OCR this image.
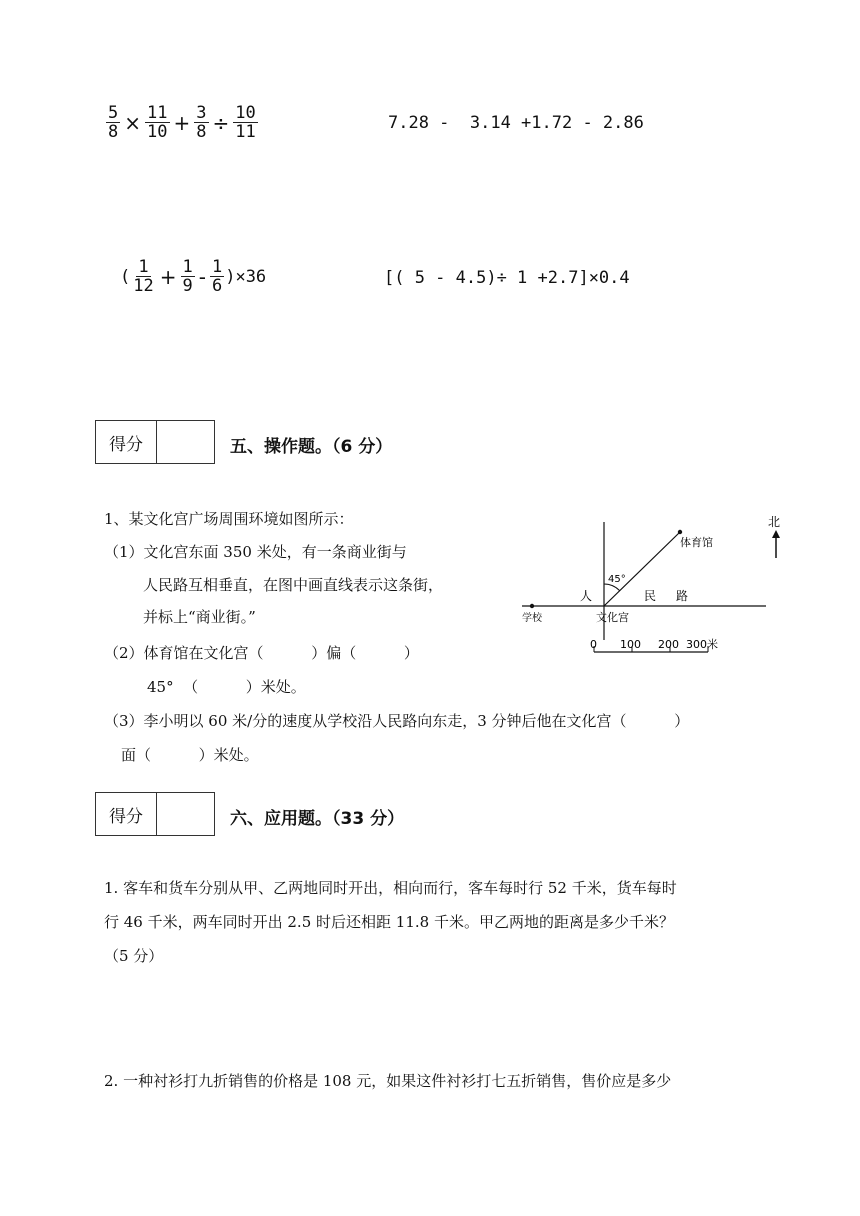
$\frac{5}{8} \times \frac{11}{10} + \frac{3}{8} \div \frac{10}{11}$	7.28 -  3.14 +1.72 - 2.86
( $\frac{1}{12} + \frac{1}{9} - \frac{1}{6} )\times 36$	[( 5 - 4.5)÷ 1 +2.7]×0.4
得分	五、操作题。（6 分）
1、某文化宫广场周围环境如图所示：
（1）文化宫东面 350 米处，有一条商业街与
人民路互相垂直，在图中画直线表示这条街，
并标上“商业街。”
（2）体育馆在文化宫（          ）偏（          ）
45°  （          ）米处。
（3）李小明以 60 米/分的速度从学校沿人民路向东走，3 分钟后他在文化宫（          ）
面（          ）米处。
北
体育馆
45°
人	民 路
学校	文化宫
0 100 200 300米
得分	六、应用题。（33 分）
1. 客车和货车分别从甲、乙两地同时开出，相向而行，客车每时行 52 千米，货车每时
行 46 千米，两车同时开出 2.5 时后还相距 11.8 千米。甲乙两地的距离是多少千米？
（5 分）
2. 一种衬衫打九折销售的价格是 108 元，如果这件衬衫打七五折销售，售价应是多少
